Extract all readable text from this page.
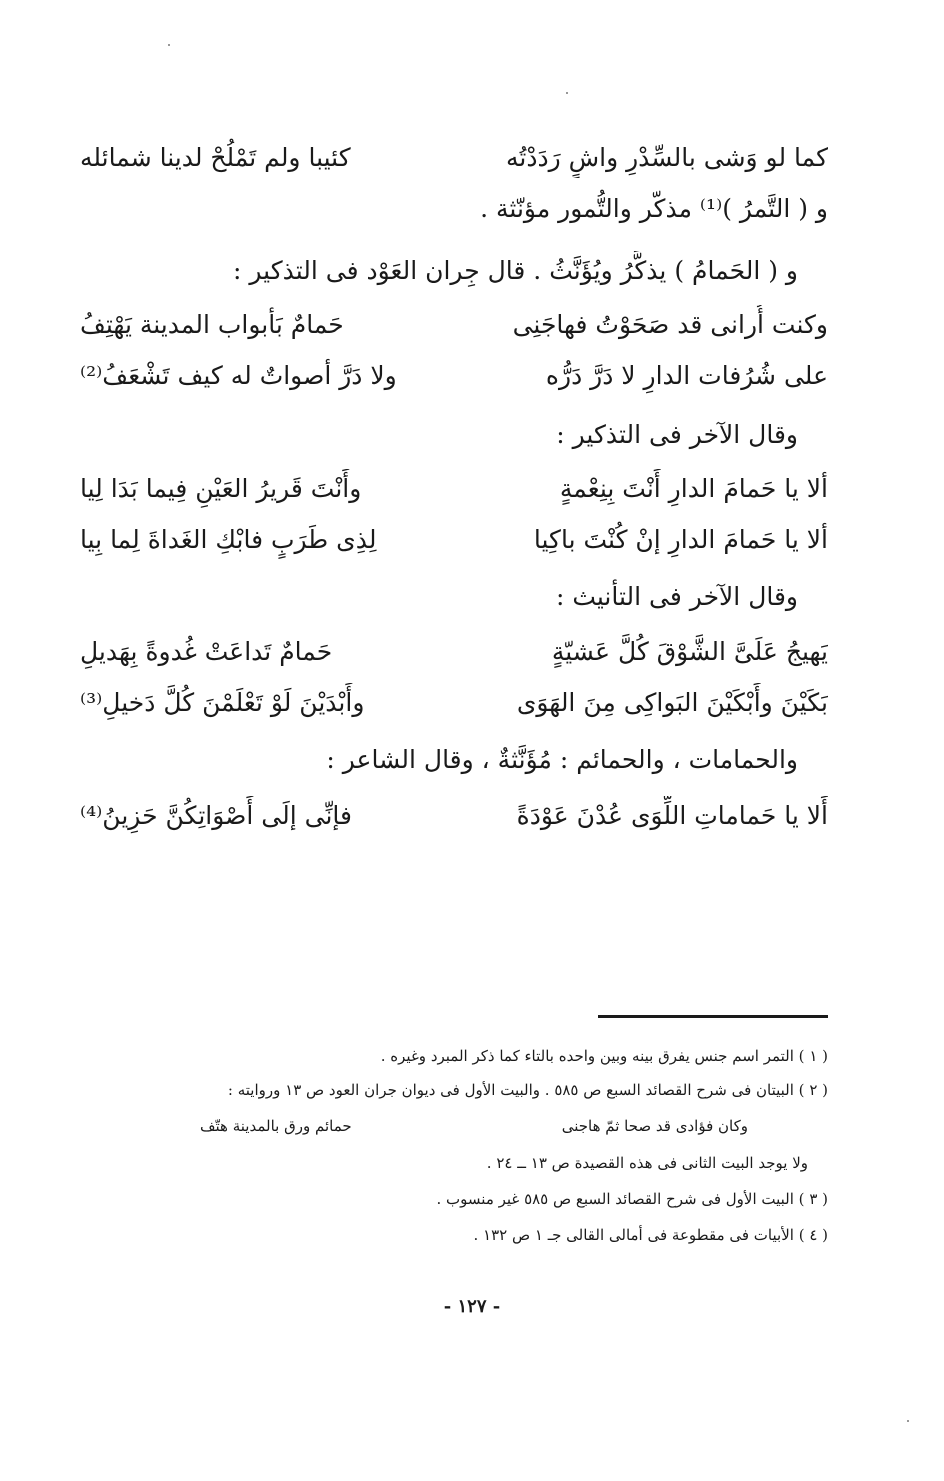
كما لو وَشى بالسِّدْرِ واشٍ رَدَدْتُه
كئيبا ولم تَمْلُحْ لدينا شمائله
و ( التَّمرُ )⁽¹⁾ مذكّر والتُّمور مؤنّثة .
و ( الحَمامُ ) يذكَّرُ ويُؤَنَّثُ . قال جِران العَوْد فى التذكير :
وكنت أُرانى قد صَحَوْتُ فهاجَنِى
حَمامٌ بَأبواب المدينة يَهْتِفُ
على شُرُفات الدارِ لا دَرَّ دَرُّه
ولا دَرَّ أصواتٌ له كيف تَشْعَفُ⁽²⁾
وقال الآخر فى التذكير :
ألا يا حَمامَ الدارِ أَنْتَ بِنِعْمةٍ
وأَنْتَ قَريرُ العَيْنِ فِيما بَدَا لِيا
ألا يا حَمامَ الدارِ إنْ كُنْتَ باكِيا
لِذِى طَرَبٍ فابْكِ الغَداةَ لِما بِيا
وقال الآخر فى التأنيث :
يَهيجُ عَلَىَّ الشَّوْقَ كُلَّ عَشيّةٍ
حَمامٌ تَداعَتْ غُدوةً بِهَديلِ
بَكَيْنَ وأَبْكَيْنَ البَواكِى مِنَ الهَوَى
وأَبْدَيْنَ لَوْ تَعْلَمْنَ كُلَّ دَخيلِ⁽³⁾
والحمامات ، والحمائم : مُؤَنَّثةٌ ، وقال الشاعر :
أَلا يا حَماماتِ اللِّوَى عُدْنَ عَوْدَةً
فإنِّى إلَى أَصْوَاتِكُنَّ حَزِينُ⁽⁴⁾
( ١ ) التمر اسم جنس يفرق بينه وبين واحده بالتاء كما ذكر المبرد وغيره .
( ٢ ) البيتان فى شرح القصائد السبع ص ٥٨٥ . والبيت الأول فى ديوان جران العود ص ١٣ وروايته :
وكان فؤادى قد صحا ثمّ هاجنى
حمائم ورق بالمدينة هتّف
ولا يوجد البيت الثانى فى هذه القصيدة ص ١٣ ــ ٢٤ .
( ٣ ) البيت الأول فى شرح القصائد السبع ص ٥٨٥ غير منسوب .
( ٤ ) الأبيات فى مقطوعة فى أمالى القالى جـ ١ ص ١٣٢ .
- ١٢٧ -
